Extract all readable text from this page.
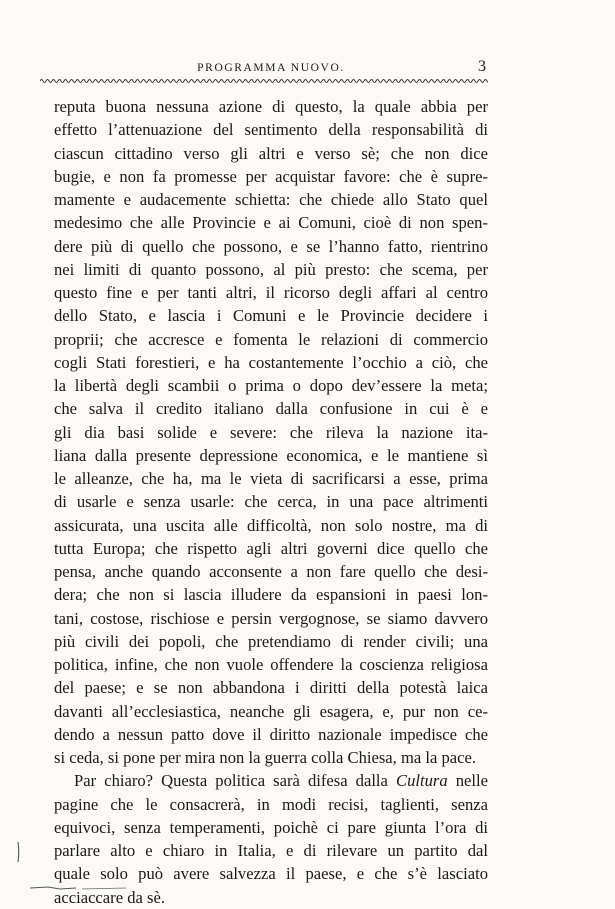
PROGRAMMA NUOVO.	3
reputa buona nessuna azione di questo, la quale abbia per
effetto l’attenuazione del sentimento della responsabilità di
ciascun cittadino verso gli altri e verso sè; che non dice
bugie, e non fa promesse per acquistar favore: che è supre-
mamente e audacemente schietta: che chiede allo Stato quel
medesimo che alle Provincie e ai Comuni, cioè di non spen-
dere più di quello che possono, e se l’hanno fatto, rientrino
nei limiti di quanto possono, al più presto: che scema, per
questo fine e per tanti altri, il ricorso degli affari al centro
dello Stato, e lascia i Comuni e le Provincie decidere i
proprii; che accresce e fomenta le relazioni di commercio
cogli Stati forestieri, e ha costantemente l’occhio a ciò, che
la libertà degli scambii o prima o dopo dev’essere la meta;
che salva il credito italiano dalla confusione in cui è e
gli dia basi solide e severe: che rileva la nazione ita-
liana dalla presente depressione economica, e le mantiene sì
le alleanze, che ha, ma le vieta di sacrificarsi a esse, prima
di usarle e senza usarle: che cerca, in una pace altrimenti
assicurata, una uscita alle difficoltà, non solo nostre, ma di
tutta Europa; che rispetto agli altri governi dice quello che
pensa, anche quando acconsente a non fare quello che desi-
dera; che non si lascia illudere da espansioni in paesi lon-
tani, costose, rischiose e persin vergognose, se siamo davvero
più civili dei popoli, che pretendiamo di render civili; una
politica, infine, che non vuole offendere la coscienza religiosa
del paese; e se non abbandona i diritti della potestà laica
davanti all’ecclesiastica, neanche gli esagera, e, pur non ce-
dendo a nessun patto dove il diritto nazionale impedisce che
si ceda, si pone per mira non la guerra colla Chiesa, ma la pace.
Par chiaro? Questa politica sarà difesa dalla Cultura nelle
pagine che le consacrerà, in modi recisi, taglienti, senza
equivoci, senza temperamenti, poichè ci pare giunta l’ora di
parlare alto e chiaro in Italia, e di rilevare un partito dal
quale solo può avere salvezza il paese, e che s’è lasciato
acciaccare da sè.
